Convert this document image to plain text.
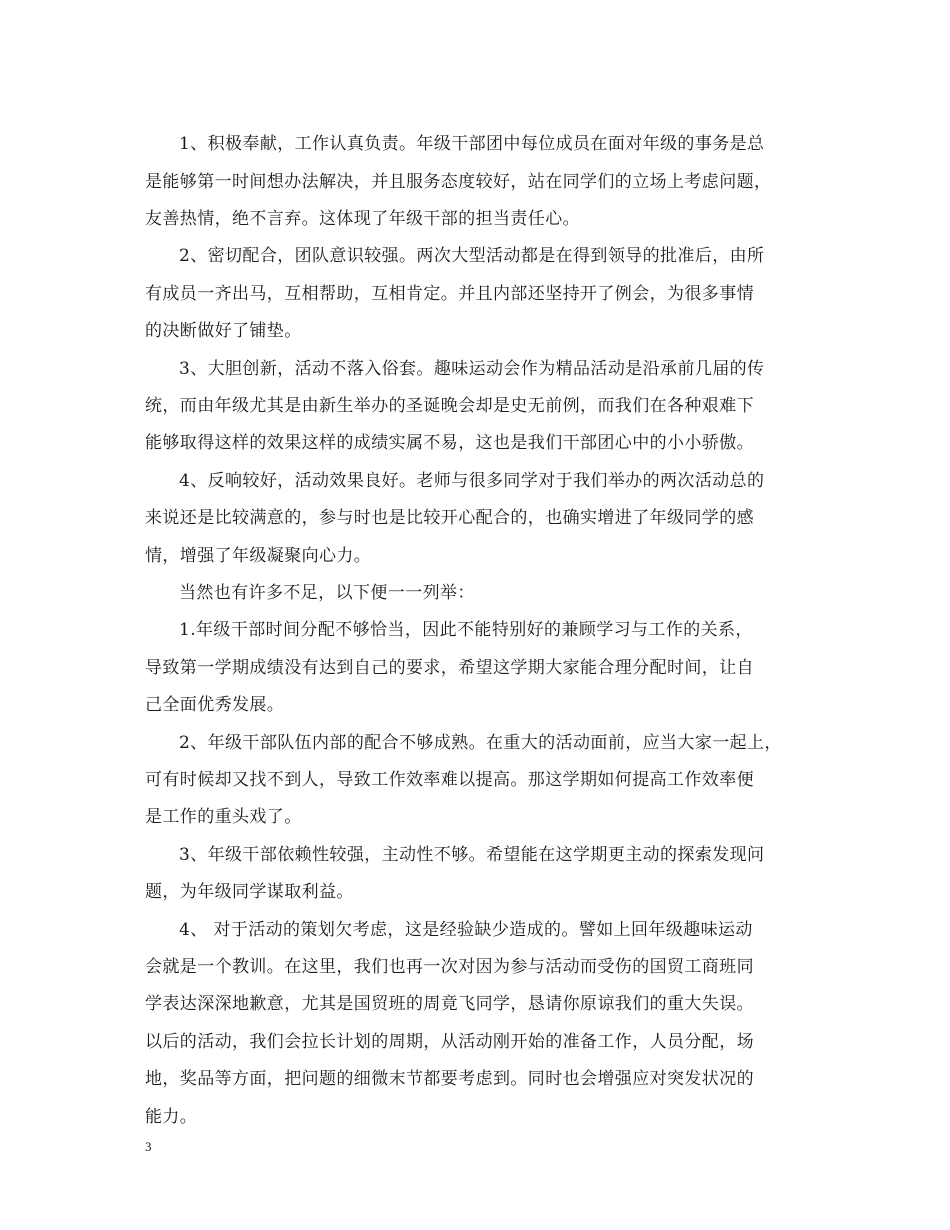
1、积极奉献，工作认真负责。年级干部团中每位成员在面对年级的事务是总
是能够第一时间想办法解决，并且服务态度较好，站在同学们的立场上考虑问题，
友善热情，绝不言弃。这体现了年级干部的担当责任心。
2、密切配合，团队意识较强。两次大型活动都是在得到领导的批准后，由所
有成员一齐出马，互相帮助，互相肯定。并且内部还坚持开了例会，为很多事情
的决断做好了铺垫。
3、大胆创新，活动不落入俗套。趣味运动会作为精品活动是沿承前几届的传
统，而由年级尤其是由新生举办的圣诞晚会却是史无前例，而我们在各种艰难下
能够取得这样的效果这样的成绩实属不易，这也是我们干部团心中的小小骄傲。
4、反响较好，活动效果良好。老师与很多同学对于我们举办的两次活动总的
来说还是比较满意的，参与时也是比较开心配合的，也确实增进了年级同学的感
情，增强了年级凝聚向心力。
当然也有许多不足，以下便一一列举：
1.年级干部时间分配不够恰当，因此不能特别好的兼顾学习与工作的关系，
导致第一学期成绩没有达到自己的要求，希望这学期大家能合理分配时间，让自
己全面优秀发展。
2、年级干部队伍内部的配合不够成熟。在重大的活动面前，应当大家一起上，
可有时候却又找不到人，导致工作效率难以提高。那这学期如何提高工作效率便
是工作的重头戏了。
3、年级干部依赖性较强，主动性不够。希望能在这学期更主动的探索发现问
题，为年级同学谋取利益。
4、 对于活动的策划欠考虑，这是经验缺少造成的。譬如上回年级趣味运动
会就是一个教训。在这里，我们也再一次对因为参与活动而受伤的国贸工商班同
学表达深深地歉意，尤其是国贸班的周竟飞同学，恳请你原谅我们的重大失误。
以后的活动，我们会拉长计划的周期，从活动刚开始的准备工作，人员分配，场
地，奖品等方面，把问题的细微末节都要考虑到。同时也会增强应对突发状况的
能力。
3
